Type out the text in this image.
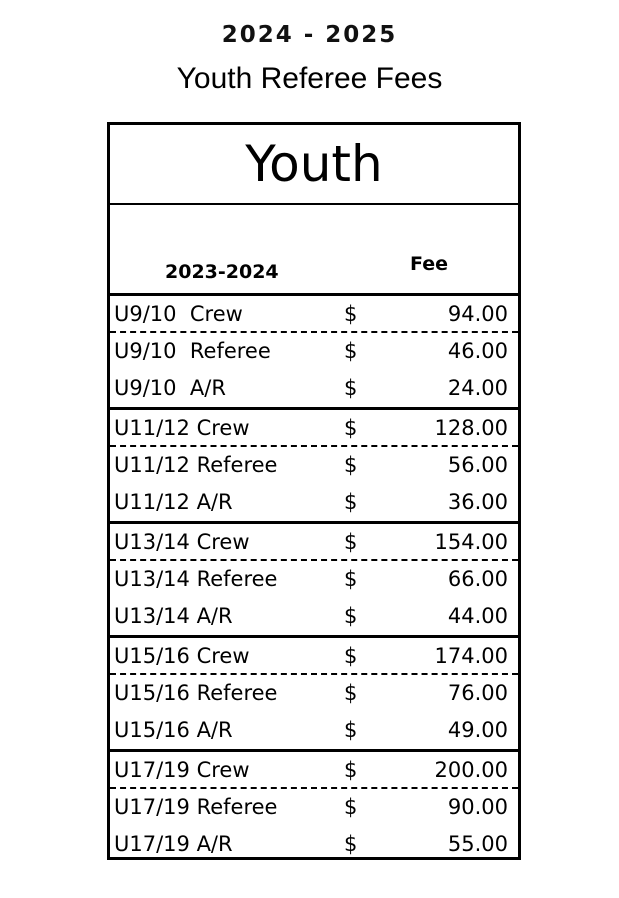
2024 - 2025
Youth Referee Fees
Youth
2023-2024	Fee
U9/10  Crew	$	94.00
U9/10  Referee	$	46.00
U9/10  A/R	$	24.00
U11/12 Crew	$	128.00
U11/12 Referee	$	56.00
U11/12 A/R	$	36.00
U13/14 Crew	$	154.00
U13/14 Referee	$	66.00
U13/14 A/R	$	44.00
U15/16 Crew	$	174.00
U15/16 Referee	$	76.00
U15/16 A/R	$	49.00
U17/19 Crew	$	200.00
U17/19 Referee	$	90.00
U17/19 A/R	$	55.00
